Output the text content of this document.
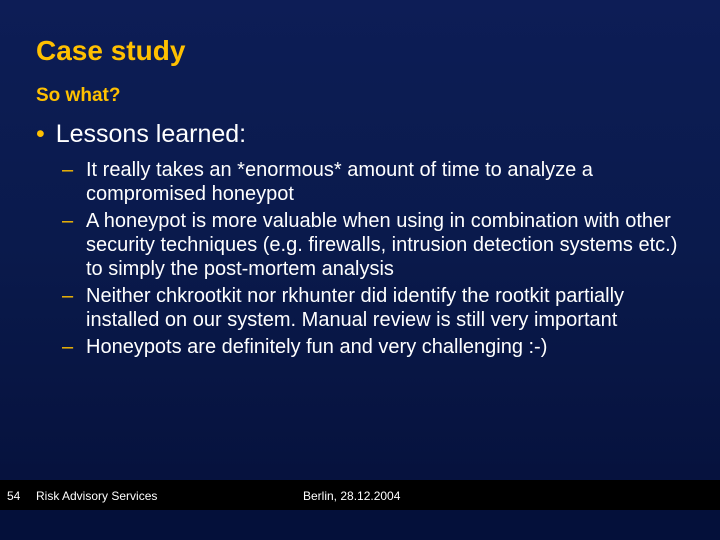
Case study
So what?
• Lessons learned:
– It really takes an *enormous* amount of time to analyze a compromised honeypot
– A honeypot is more valuable when using in combination with other security techniques (e.g. firewalls, intrusion detection systems etc.) to simply the post-mortem analysis
– Neither chkrootkit nor rkhunter did identify the rootkit partially installed on our system. Manual review is still very important
– Honeypots are definitely fun and very challenging :-)
54 Risk Advisory Services	Berlin, 28.12.2004
